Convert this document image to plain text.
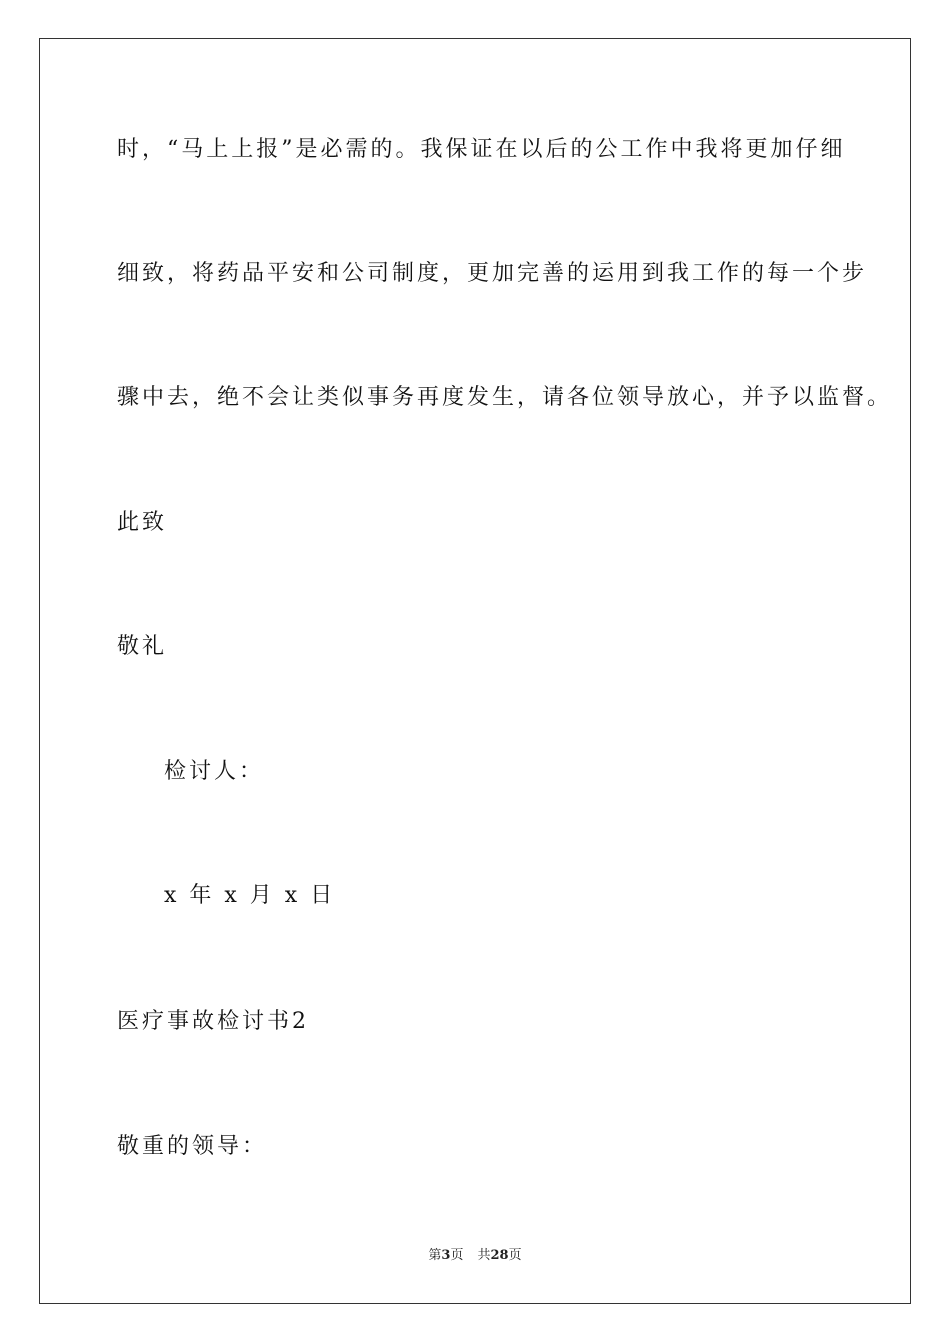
时，“马上上报”是必需的。我保证在以后的公工作中我将更加仔细
细致，将药品平安和公司制度，更加完善的运用到我工作的每一个步
骤中去，绝不会让类似事务再度发生，请各位领导放心，并予以监督。
此致
敬礼
检讨人：
x 年 x 月 x 日
医疗事故检讨书2
敬重的领导：
第3页 共28页
